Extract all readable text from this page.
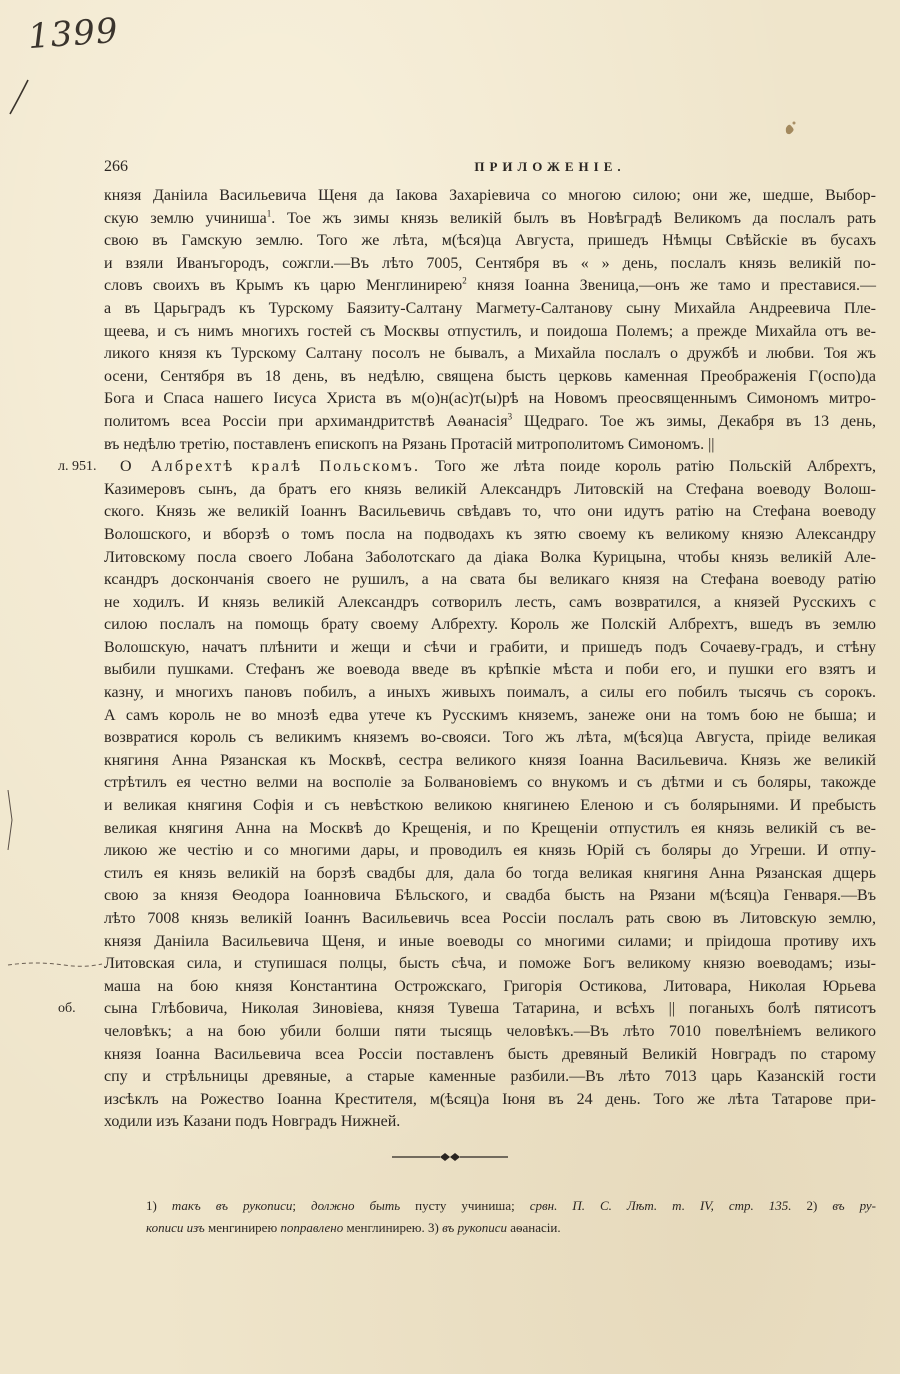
1399
266	ПРИЛОЖЕНІЕ.
князя Даніила Васильевича Щеня да Іакова Захаріевича со многою силою; они же, шедше, Выбор-
скую землю учиниша$^1$. Тое жъ зимы князь великій былъ въ Новѣградѣ Великомъ да послалъ рать
свою въ Гамскую землю. Того же лѣта, м(ѣся)ца Августа, пришедъ Нѣмцы Свѣйскіе въ бусахъ
и взяли Иванъгородъ, сожгли.—Въ лѣто 7005, Сентября въ « » день, послалъ князь великій по-
словъ своихъ въ Крымъ къ царю Менглинирею$^2$ князя Іоанна Звеница,—онъ же тамо и преставися.—
а въ Царьградъ къ Турскому Баязиту-Салтану Магмету-Салтанову сыну Михайла Андреевича Пле-
щеева, и съ нимъ многихъ гостей съ Москвы отпустилъ, и поидоша Полемъ; а прежде Михайла отъ ве-
ликого князя къ Турскому Салтану посолъ не бывалъ, а Михайла послалъ о дружбѣ и любви. Тоя жъ
осени, Сентября въ 18 день, въ недѣлю, священа бысть церковь каменная Преображенія Г(оспо)да
Бога и Спаса нашего Іисуса Христа въ м(о)н(ас)т(ы)рѣ на Новомъ преосвященнымъ Симономъ митро-
политомъ всеа Россіи при архимандритствѣ Аѳанасія$^3$ Щедраго. Тое жъ зимы, Декабря въ 13 день,
въ недѣлю третію, поставленъ епископъ на Рязань Протасій митрополитомъ Симономъ. ||
л. 951. О Албрехтѣ кралѣ Польскомъ. Того же лѣта поиде король ратію Польскій Албрехтъ,
Казимеровъ сынъ, да братъ его князь великій Александръ Литовскій на Стефана воеводу Волош-
ского. Князь же великій Іоаннъ Васильевичь свѣдавъ то, что они идутъ ратію на Стефана воеводу
Волошского, и вборзѣ о томъ посла на подводахъ къ зятю своему къ великому князю Александру
Литовскому посла своего Лобана Заболотскаго да діака Волка Курицына, чтобы князь великій Але-
ксандръ доскончанія своего не рушилъ, а на свата бы великаго князя на Стефана воеводу ратію
не ходилъ. И князь великій Александръ сотворилъ лесть, самъ возвратился, а князей Русскихъ с
силою послалъ на помощь брату своему Албрехту. Король же Полскій Албрехтъ, вшедъ въ землю
Волошскую, начатъ плѣнити и жещи и сѣчи и грабити, и пришедъ подъ Сочаеву-градъ, и стѣну
выбили пушками. Стефанъ же воевода введе въ крѣпкіе мѣста и поби его, и пушки его взятъ и
казну, и многихъ пановъ побилъ, а иныхъ живыхъ поималъ, а силы его побилъ тысячь съ сорокъ.
А самъ король не во мнозѣ едва утече къ Русскимъ княземъ, занеже они на томъ бою не быша; и
возвратися король съ великимъ княземъ во-свояси. Того жъ лѣта, м(ѣся)ца Августа, пріиде великая
княгиня Анна Рязанская къ Москвѣ, сестра великого князя Іоанна Васильевича. Князь же великій
стрѣтилъ ея честно велми на восполіе за Болвановіемъ со внукомъ и съ дѣтми и съ боляры, такожде
и великая княгиня Софія и съ невѣсткою великою княгинею Еленою и съ болярынями. И пребысть
великая княгиня Анна на Москвѣ до Крещенія, и по Крещеніи отпустилъ ея князь великій съ ве-
ликою же честію и со многими дары, и проводилъ ея князь Юрій съ боляры до Угреши. И отпу-
стилъ ея князь великій на борзѣ свадбы для, дала бо тогда великая княгиня Анна Рязанская дщерь
свою за князя Ѳеодора Іоанновича Бѣльского, и свадба бысть на Рязани м(ѣсяц)а Генваря.—Въ
лѣто 7008 князь великій Іоаннъ Васильевичь всеа Россіи послалъ рать свою въ Литовскую землю,
князя Даніила Васильевича Щеня, и иные воеводы со многими силами; и пріидоша противу ихъ
Литовская сила, и ступишася полцы, бысть сѣча, и поможе Богъ великому князю воеводамъ; изы-
маша на бою князя Константина Острожскаго, Григорія Остикова, Литовара, Николая Юрьева
об. сына Глѣбовича, Николая Зиновіева, князя Тувеша Татарина, и всѣхъ || поганыхъ болѣ пятисотъ
человѣкъ; а на бою убили болши пяти тысящь человѣкъ.—Въ лѣто 7010 повелѣніемъ великого
князя Іоанна Васильевича всеа Россіи поставленъ бысть древяный Великій Новградъ по старому
спу и стрѣльницы древяные, а старые каменные разбили.—Въ лѣто 7013 царь Казанскій гости
изсѣклъ на Рожество Іоанна Крестителя, м(ѣсяц)а Іюня въ 24 день. Того же лѣта Татарове при-
ходили изъ Казани подъ Новградъ Нижней.
1) такъ въ рукописи; должно быть пусту учиниша; срвн. П. С. Лѣт. т. IV, стр. 135. 2) въ ру-
кописи изъ менгинирею поправлено менглинирею. 3) въ рукописи аѳанасіи.
